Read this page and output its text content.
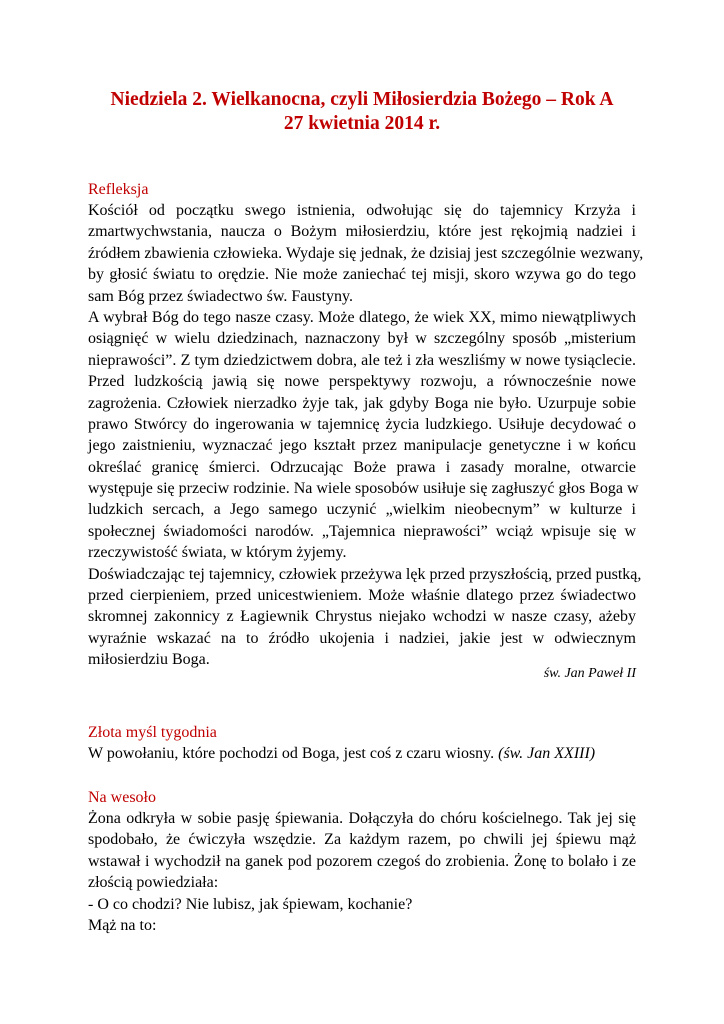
Niedziela 2. Wielkanocna, czyli Miłosierdzia Bożego – Rok A
27 kwietnia 2014 r.
Refleksja
Kościół od początku swego istnienia, odwołując się do tajemnicy Krzyża i
zmartwychwstania, naucza o Bożym miłosierdziu, które jest rękojmią nadziei i
źródłem zbawienia człowieka. Wydaje się jednak, że dzisiaj jest szczególnie wezwany,
by głosić światu to orędzie. Nie może zaniechać tej misji, skoro wzywa go do tego
sam Bóg przez świadectwo św. Faustyny.
A wybrał Bóg do tego nasze czasy. Może dlatego, że wiek XX, mimo niewątpliwych
osiągnięć w wielu dziedzinach, naznaczony był w szczególny sposób „misterium
nieprawości”. Z tym dziedzictwem dobra, ale też i zła weszliśmy w nowe tysiąclecie.
Przed ludzkością jawią się nowe perspektywy rozwoju, a równocześnie nowe
zagrożenia. Człowiek nierzadko żyje tak, jak gdyby Boga nie było. Uzurpuje sobie
prawo Stwórcy do ingerowania w tajemnicę życia ludzkiego. Usiłuje decydować o
jego zaistnieniu, wyznaczać jego kształt przez manipulacje genetyczne i w końcu
określać granicę śmierci. Odrzucając Boże prawa i zasady moralne, otwarcie
występuje się przeciw rodzinie. Na wiele sposobów usiłuje się zagłuszyć głos Boga w
ludzkich sercach, a Jego samego uczynić „wielkim nieobecnym” w kulturze i
społecznej świadomości narodów. „Tajemnica nieprawości” wciąż wpisuje się w
rzeczywistość świata, w którym żyjemy.
Doświadczając tej tajemnicy, człowiek przeżywa lęk przed przyszłością, przed pustką,
przed cierpieniem, przed unicestwieniem. Może właśnie dlatego przez świadectwo
skromnej zakonnicy z Łagiewnik Chrystus niejako wchodzi w nasze czasy, ażeby
wyraźnie wskazać na to źródło ukojenia i nadziei, jakie jest w odwiecznym
miłosierdziu Boga.
św. Jan Paweł II
Złota myśl tygodnia
W powołaniu, które pochodzi od Boga, jest coś z czaru wiosny. (św. Jan XXIII)
Na wesoło
Żona odkryła w sobie pasję śpiewania. Dołączyła do chóru kościelnego. Tak jej się
spodobało, że ćwiczyła wszędzie. Za każdym razem, po chwili jej śpiewu mąż
wstawał i wychodził na ganek pod pozorem czegoś do zrobienia. Żonę to bolało i ze
złością powiedziała:
- O co chodzi? Nie lubisz, jak śpiewam, kochanie?
Mąż na to:
